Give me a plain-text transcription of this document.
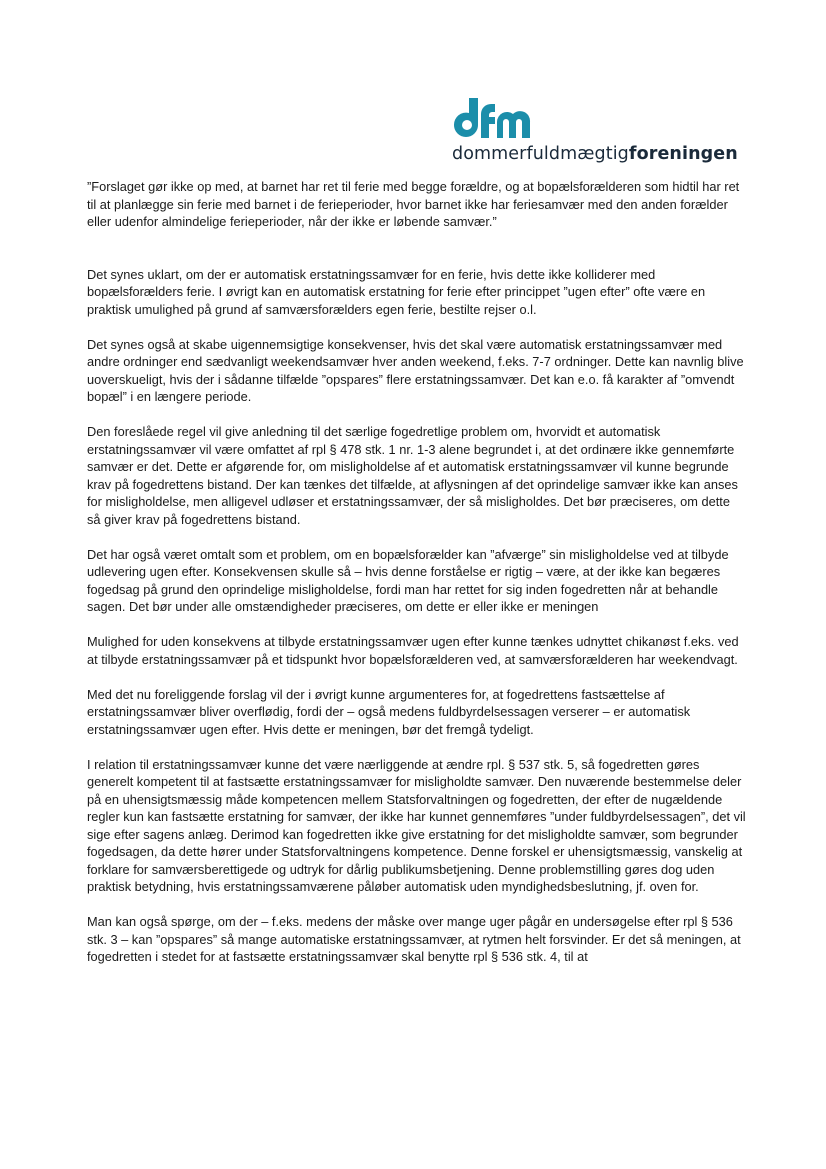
dommerfuldmægtigforeningen

”Forslaget gør ikke op med, at barnet har ret til ferie med begge forældre, og at bopælsforælderen som hidtil har ret til at planlægge sin ferie med barnet i de ferieperioder, hvor barnet ikke har feriesamvær med den anden forælder eller udenfor almindelige ferieperioder, når der ikke er løbende samvær.”

Det synes uklart, om der er automatisk erstatningssamvær for en ferie, hvis dette ikke kolliderer med bopælsforælders ferie. I øvrigt kan en automatisk erstatning for ferie efter princippet ”ugen efter” ofte være en praktisk umulighed på grund af samværsforælders egen ferie, bestilte rejser o.l.

Det synes også at skabe uigennemsigtige konsekvenser, hvis det skal være automatisk erstatningssamvær med andre ordninger end sædvanligt weekendsamvær hver anden weekend, f.eks. 7-7 ordninger. Dette kan navnlig blive uoverskueligt, hvis der i sådanne tilfælde ”opspares” flere erstatningssamvær. Det kan e.o. få karakter af ”omvendt bopæl” i en længere periode.

Den foreslåede regel vil give anledning til det særlige fogedretlige problem om, hvorvidt et automatisk erstatningssamvær vil være omfattet af rpl § 478 stk. 1 nr. 1-3 alene begrundet i, at det ordinære ikke gennemførte samvær er det. Dette er afgørende for, om misligholdelse af et automatisk erstatningssamvær vil kunne begrunde krav på fogedrettens bistand. Der kan tænkes det tilfælde, at aflysningen af det oprindelige samvær ikke kan anses for misligholdelse, men alligevel udløser et erstatningssamvær, der så misligholdes. Det bør præciseres, om dette så giver krav på fogedrettens bistand.

Det har også været omtalt som et problem, om en bopælsforælder kan ”afværge” sin misligholdelse ved at tilbyde udlevering ugen efter. Konsekvensen skulle så – hvis denne forståelse er rigtig – være, at der ikke kan begæres fogedsag på grund den oprindelige misligholdelse, fordi man har rettet for sig inden fogedretten når at behandle sagen. Det bør under alle omstændigheder præciseres, om dette er eller ikke er meningen

Mulighed for uden konsekvens at tilbyde erstatningssamvær ugen efter kunne tænkes udnyttet chikanøst f.eks. ved at tilbyde erstatningssamvær på et tidspunkt hvor bopælsforælderen ved, at samværsforælderen har weekendvagt.

Med det nu foreliggende forslag vil der i øvrigt kunne argumenteres for, at fogedrettens fastsættelse af erstatningssamvær bliver overflødig, fordi der – også medens fuldbyrdelsessagen verserer – er automatisk erstatningssamvær ugen efter. Hvis dette er meningen, bør det fremgå tydeligt.

I relation til erstatningssamvær kunne det være nærliggende at ændre rpl. § 537 stk. 5, så fogedretten gøres generelt kompetent til at fastsætte erstatningssamvær for misligholdte samvær. Den nuværende bestemmelse deler på en uhensigtsmæssig måde kompetencen mellem Statsforvaltningen og fogedretten, der efter de nugældende regler kun kan fastsætte erstatning for samvær, der ikke har kunnet gennemføres ”under fuldbyrdelsessagen”, det vil sige efter sagens anlæg. Derimod kan fogedretten ikke give erstatning for det misligholdte samvær, som begrunder fogedsagen, da dette hører under Statsforvaltningens kompetence. Denne forskel er uhensigtsmæssig, vanskelig at forklare for samværsberettigede og udtryk for dårlig publikumsbetjening. Denne problemstilling gøres dog uden praktisk betydning, hvis erstatningssamværene påløber automatisk uden myndighedsbeslutning, jf. oven for.

Man kan også spørge, om der – f.eks. medens der måske over mange uger pågår en undersøgelse efter rpl § 536 stk. 3 – kan ”opspares” så mange automatiske erstatningssamvær, at rytmen helt forsvinder. Er det så meningen, at fogedretten i stedet for at fastsætte erstatningssamvær skal benytte rpl § 536 stk. 4, til at
